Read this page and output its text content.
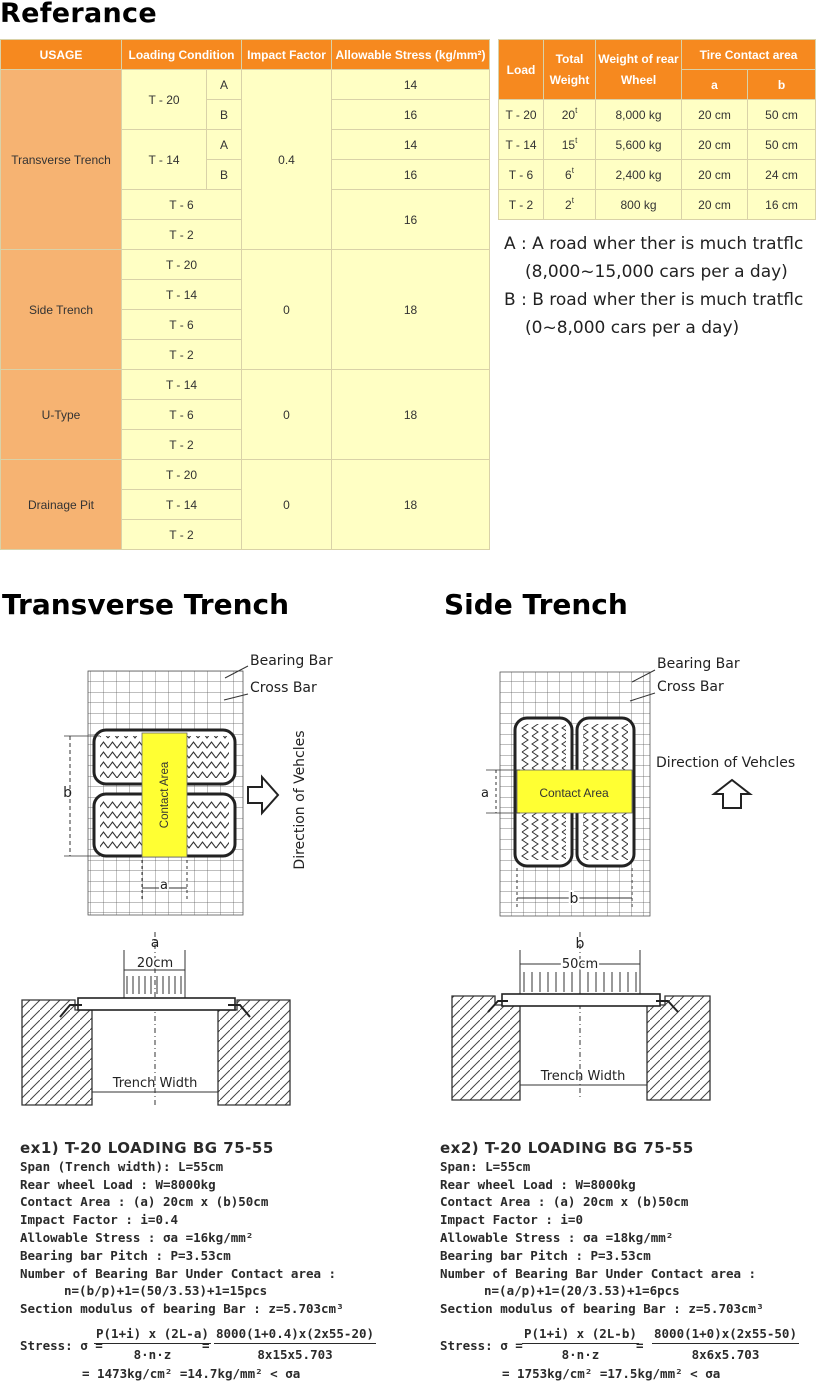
Referance
USAGE	Loading Condition		Impact Factor	Allowable Stress (kg/mm²)
Transverse Trench	T - 20	A	0.4	14
		B		16
	T - 14	A		14
		B		16
	T - 6			16
	T - 2			
Side Trench	T - 20		0	18
	T - 14			
	T - 6			
	T - 2			
U-Type	T - 14		0	18
	T - 6			
	T - 2			
Drainage Pit	T - 20		0	18
	T - 14			
	T - 2			
Load	Total Weight	Weight of rear Wheel	Tire Contact area	
			a	b
T - 20	20$^t$	8,000 kg	20 cm	50 cm
T - 14	15$^t$	5,600 kg	20 cm	50 cm
T - 6	6$^t$	2,400 kg	20 cm	24 cm
T - 2	2$^t$	800 kg	20 cm	16 cm
A : A road wher ther is much tratflc
(8,000~15,000 cars per a day)
B : B road wher ther is much tratflc
(0~8,000 cars per a day)
Transverse Trench	Side Trench
Contact Area
b
a
Bearing Bar
Cross Bar
Direction of Vehcles
a
20cm
Trench Width
Contact Area
a
b
Bearing Bar
Cross Bar
Direction of Vehcles
b
50cm
Trench Width
ex1) T-20 LOADING BG 75-55
Span (Trench width): L=55cm
Rear wheel Load : W=8000kg
Contact Area : (a) 20cm x (b)50cm
Impact Factor : i=0.4
Allowable Stress : σa =16kg/mm²
Bearing bar Pitch : P=3.53cm
Number of Bearing Bar Under Contact area :
n=(b/p)+1=(50/3.53)+1=15pcs
Section modulus of bearing Bar : z=5.703cm³
Stress: σ =
$\frac{P(1+i) x (2L-a)}{8\cdot n\cdot z}$
= $\frac{8000(1+0.4)x(2x55-20)}{8x15x5.703}$
= 1473kg/cm² =14.7kg/mm² < σa
ex2) T-20 LOADING BG 75-55
Span: L=55cm
Rear wheel Load : W=8000kg
Contact Area : (a) 20cm x (b)50cm
Impact Factor : i=0
Allowable Stress : σa =18kg/mm²
Bearing bar Pitch : P=3.53cm
Number of Bearing Bar Under Contact area :
n=(a/p)+1=(20/3.53)+1=6pcs
Section modulus of bearing Bar : z=5.703cm³
Stress: $\sigma = \frac{P(1+i) x (2L-b)}{8\cdot n\cdot z}$
= $\frac{8000(1+0)x(2x55-50)}{8x6x5.703}$
= 1753kg/cm² =17.5kg/mm² < σa
